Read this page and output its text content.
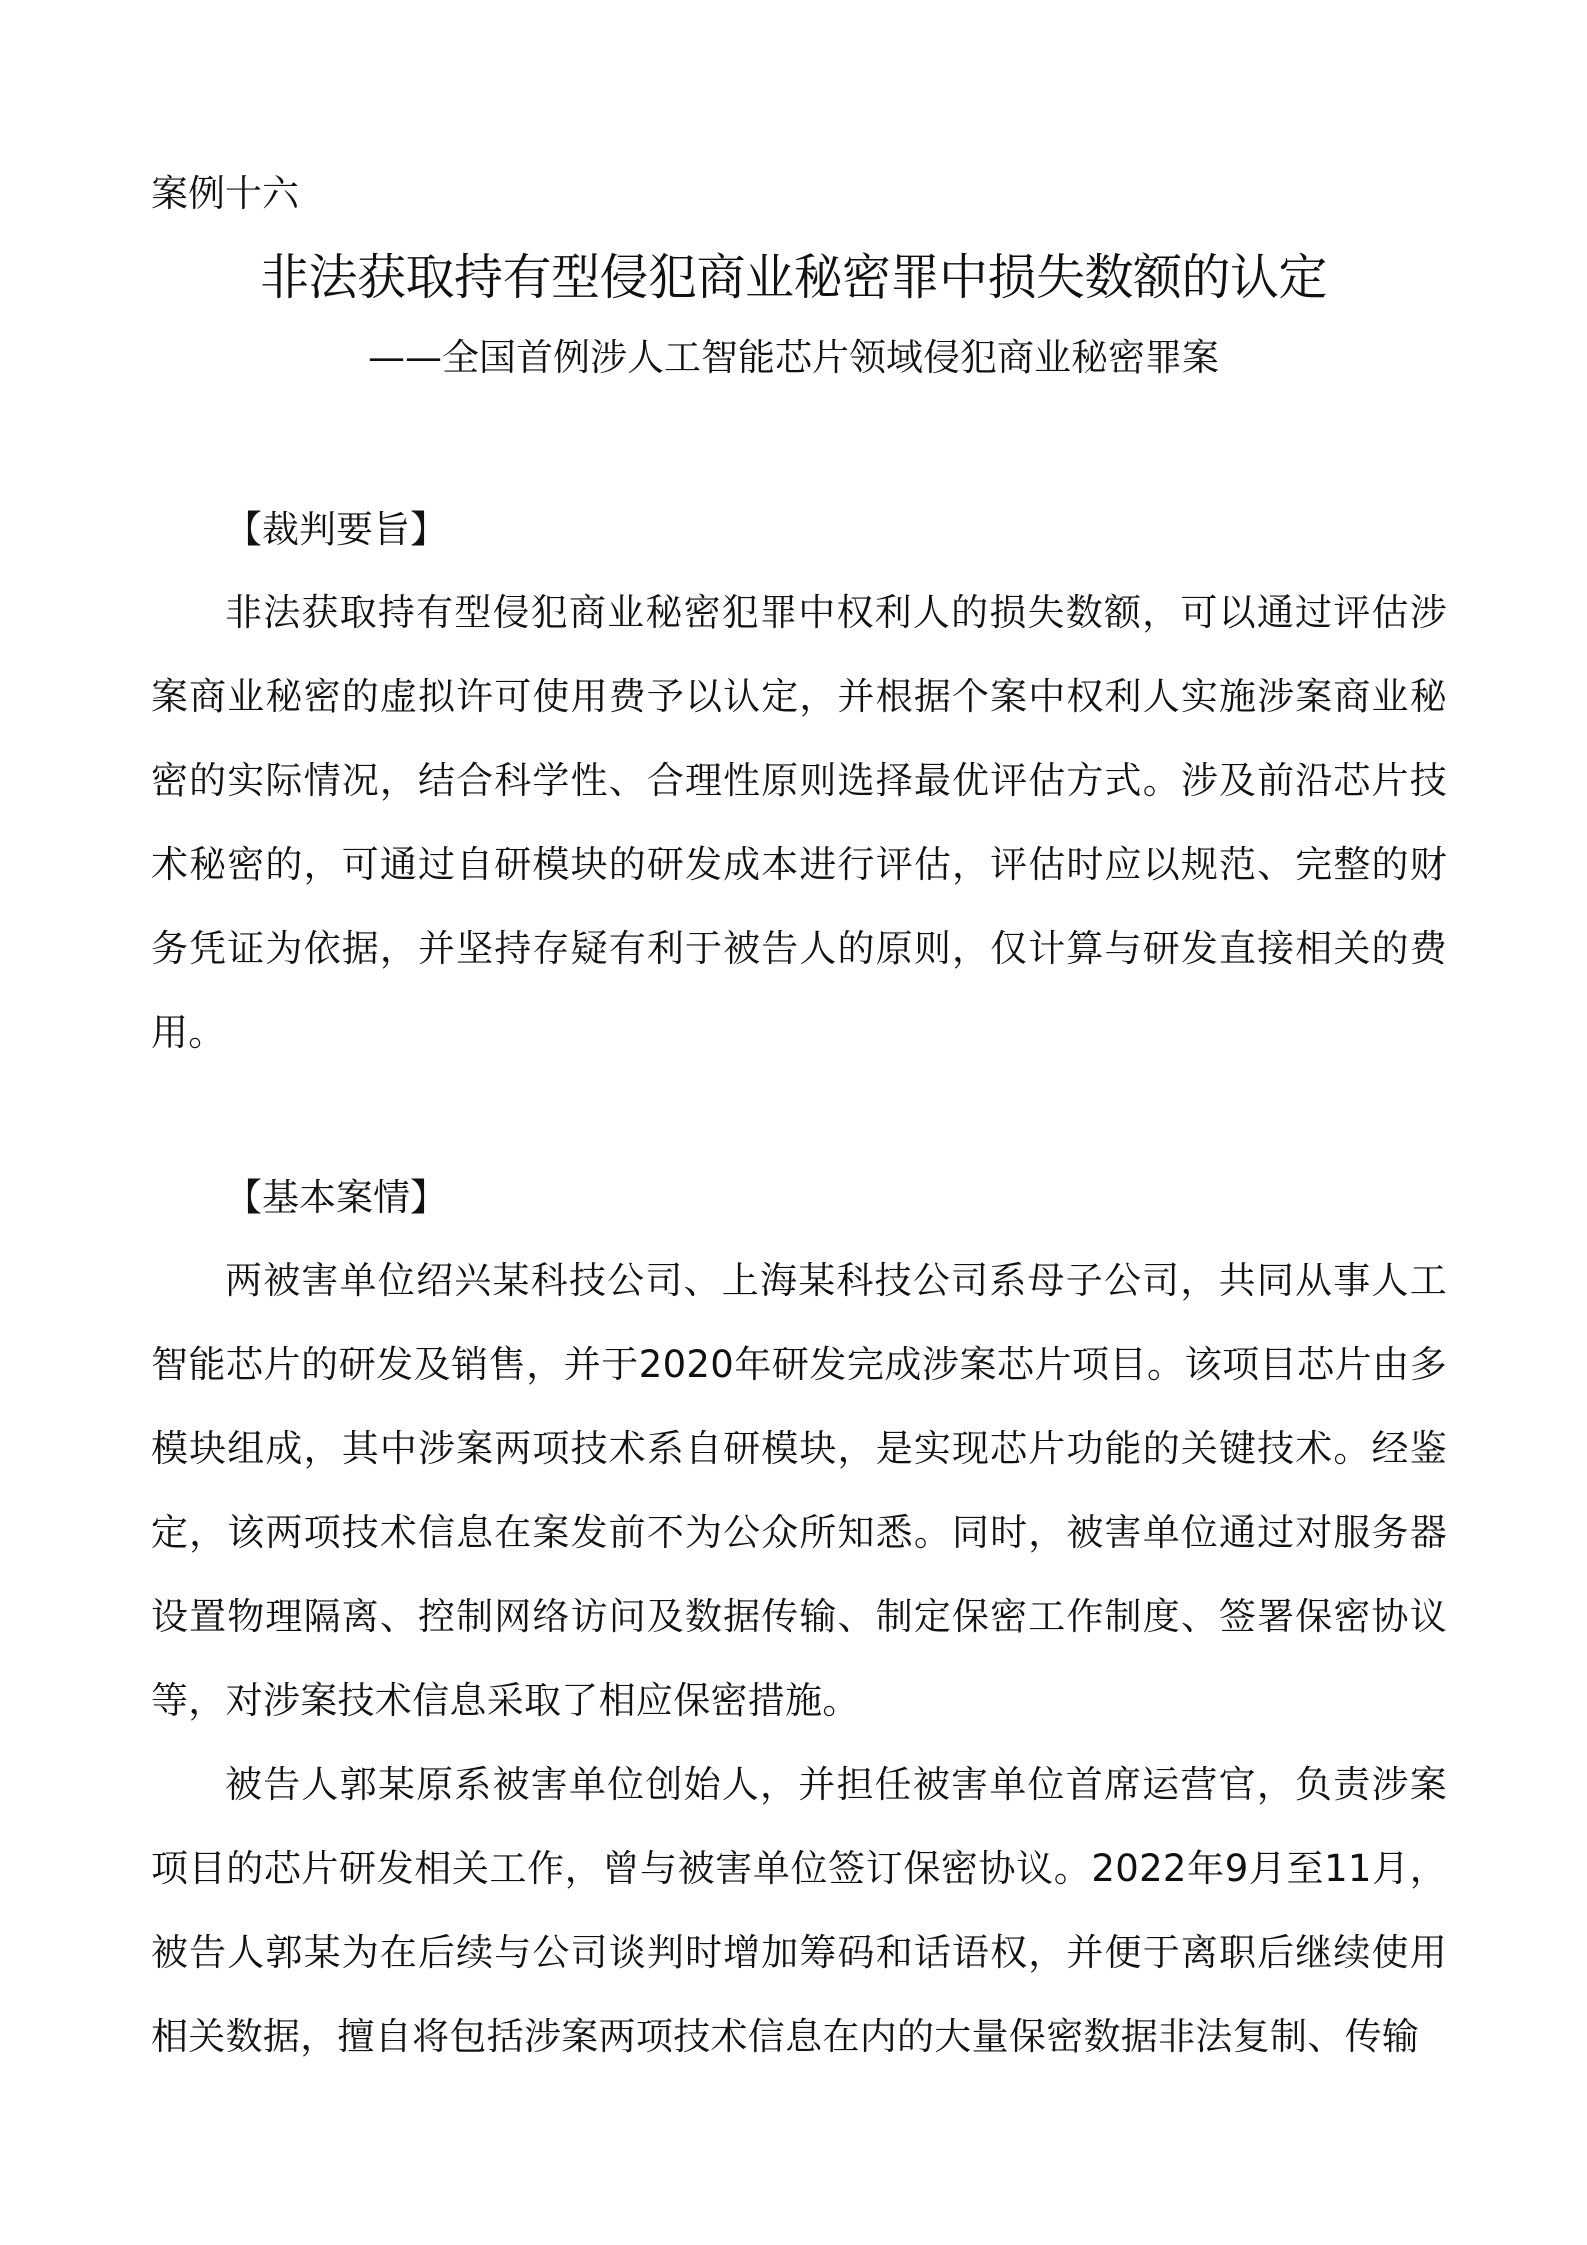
案例十六

非法获取持有型侵犯商业秘密罪中损失数额的认定
——全国首例涉人工智能芯片领域侵犯商业秘密罪案
【裁判要旨】

非法获取持有型侵犯商业秘密犯罪中权利人的损失数额，可以通过评估涉案商业秘密的虚拟许可使用费予以认定，并根据个案中权利人实施涉案商业秘密的实际情况，结合科学性、合理性原则选择最优评估方式。涉及前沿芯片技术秘密的，可通过自研模块的研发成本进行评估，评估时应以规范、完整的财务凭证为依据，并坚持存疑有利于被告人的原则，仅计算与研发直接相关的费用。

【基本案情】

两被害单位绍兴某科技公司、上海某科技公司系母子公司，共同从事人工智能芯片的研发及销售，并于2020年研发完成涉案芯片项目。该项目芯片由多模块组成，其中涉案两项技术系自研模块，是实现芯片功能的关键技术。经鉴定，该两项技术信息在案发前不为公众所知悉。同时，被害单位通过对服务器设置物理隔离、控制网络访问及数据传输、制定保密工作制度、签署保密协议等，对涉案技术信息采取了相应保密措施。

被告人郭某原系被害单位创始人，并担任被害单位首席运营官，负责涉案项目的芯片研发相关工作，曾与被害单位签订保密协议。2022年9月至11月，被告人郭某为在后续与公司谈判时增加筹码和话语权，并便于离职后继续使用相关数据，擅自将包括涉案两项技术信息在内的大量保密数据非法复制、传输
